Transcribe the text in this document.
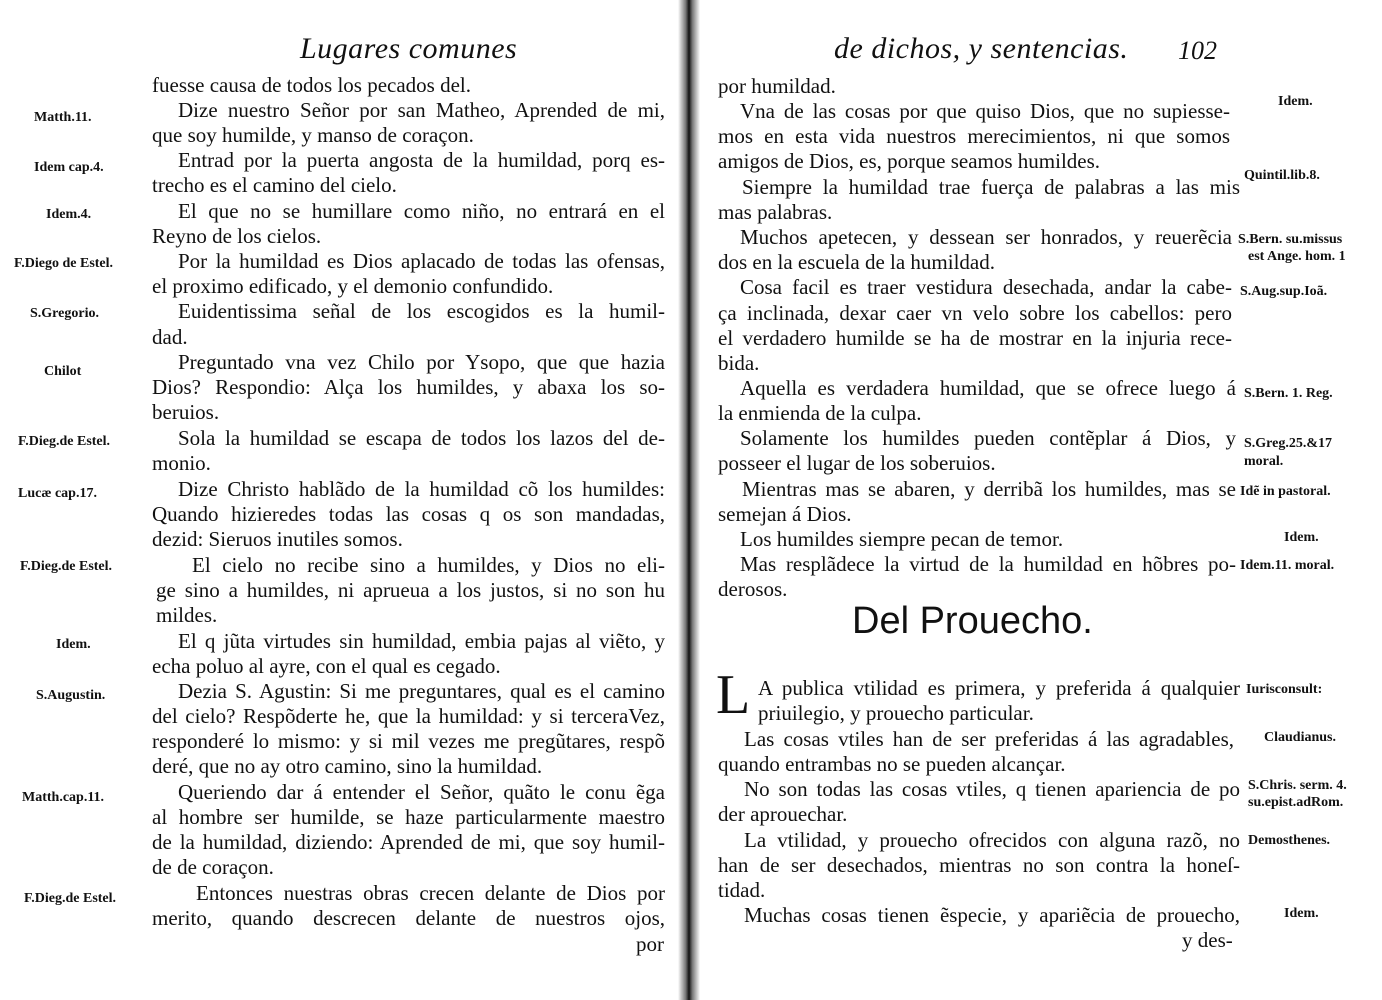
Lugares comunes
Matth.11.
Idem cap.4.
Idem.4.
F.Diego de Estel.
S.Gregorio.
Chilot
F.Dieg.de Estel.
Lucæ cap.17.
F.Dieg.de Estel.
Idem.
S.Augustin.
Matth.cap.11.
F.Dieg.de Estel.
fuesse causa de todos los pecados del.
Dize nuestro Señor por san Matheo, Aprended de mi,
que soy humilde, y manso de coraçon.
Entrad por la puerta angosta de la humildad, porq es-
trecho es el camino del cielo.
El que no se humillare como niño, no entrará en el
Reyno de los cielos.
Por la humildad es Dios aplacado de todas las ofensas,
el proximo edificado, y el demonio confundido.
Euidentissima señal de los escogidos es la humil-
dad.
Preguntado vna vez Chilo por Ysopo, que que hazia
Dios? Respondio: Alça los humildes, y abaxa los so-
beruios.
Sola la humildad se escapa de todos los lazos del de-
monio.
Dize Christo hablãdo de la humildad cõ los humildes:
Quando hizieredes todas las cosas q os son mandadas,
dezid: Sieruos inutiles somos.
El cielo no recibe sino a humildes, y Dios no eli-
ge sino a humildes, ni aprueua a los justos, si no son hu
mildes.
El q jũta virtudes sin humildad, embia pajas al viẽto, y
echa poluo al ayre, con el qual es cegado.
Dezia S. Agustin: Si me preguntares, qual es el camino
del cielo? Respõderte he, que la humildad: y si terceraVez,
responderé lo mismo: y si mil vezes me pregũtares, respõ
deré, que no ay otro camino, sino la humildad.
Queriendo dar á entender el Señor, quãto le conu ẽga
al hombre ser humilde, se haze particularmente maestro
de la humildad, diziendo: Aprended de mi, que soy humil-
de de coraçon.
Entonces nuestras obras crecen delante de Dios por
merito, quando descrecen delante de nuestros ojos,
por
de dichos, y sentencias. 102
Idem.
Quintil.lib.8.
S.Bern. su.missus
est Ange. hom. 1
S.Aug.sup.Ioã.
S.Bern. 1. Reg.
S.Greg.25.&17
moral.
Idẽ in pastoral.
Idem.
Idem.11. moral.
Iurisconsult:
Claudianus.
S.Chris. serm. 4.
su.epist.adRom.
Demosthenes.
Idem.
por humildad.
Vna de las cosas por que quiso Dios, que no supiesse-
mos en esta vida nuestros merecimientos, ni que somos
amigos de Dios, es, porque seamos humildes.
Siempre la humildad trae fuerça de palabras a las mis
mas palabras.
Muchos apetecen, y dessean ser honrados, y reuerẽcia
dos en la escuela de la humildad.
Cosa facil es traer vestidura desechada, andar la cabe-
ça inclinada, dexar caer vn velo sobre los cabellos: pero
el verdadero humilde se ha de mostrar en la injuria rece-
bida.
Aquella es verdadera humildad, que se ofrece luego á
la enmienda de la culpa.
Solamente los humildes pueden contẽplar á Dios, y
posseer el lugar de los soberuios.
Mientras mas se abaren, y derribã los humildes, mas se
semejan á Dios.
Los humildes siempre pecan de temor.
Mas resplãdece la virtud de la humildad en hõbres po-
derosos.
Del Prouecho.
L A publica vtilidad es primera, y preferida á qualquier
priuilegio, y prouecho particular.
Las cosas vtiles han de ser preferidas á las agradables,
quando entrambas no se pueden alcançar.
No son todas las cosas vtiles, q tienen apariencia de po
der aprouechar.
La vtilidad, y prouecho ofrecidos con alguna razõ, no
han de ser desechados, mientras no son contra la honeſ-
tidad.
Muchas cosas tienen ẽspecie, y apariẽcia de prouecho,
y des-
